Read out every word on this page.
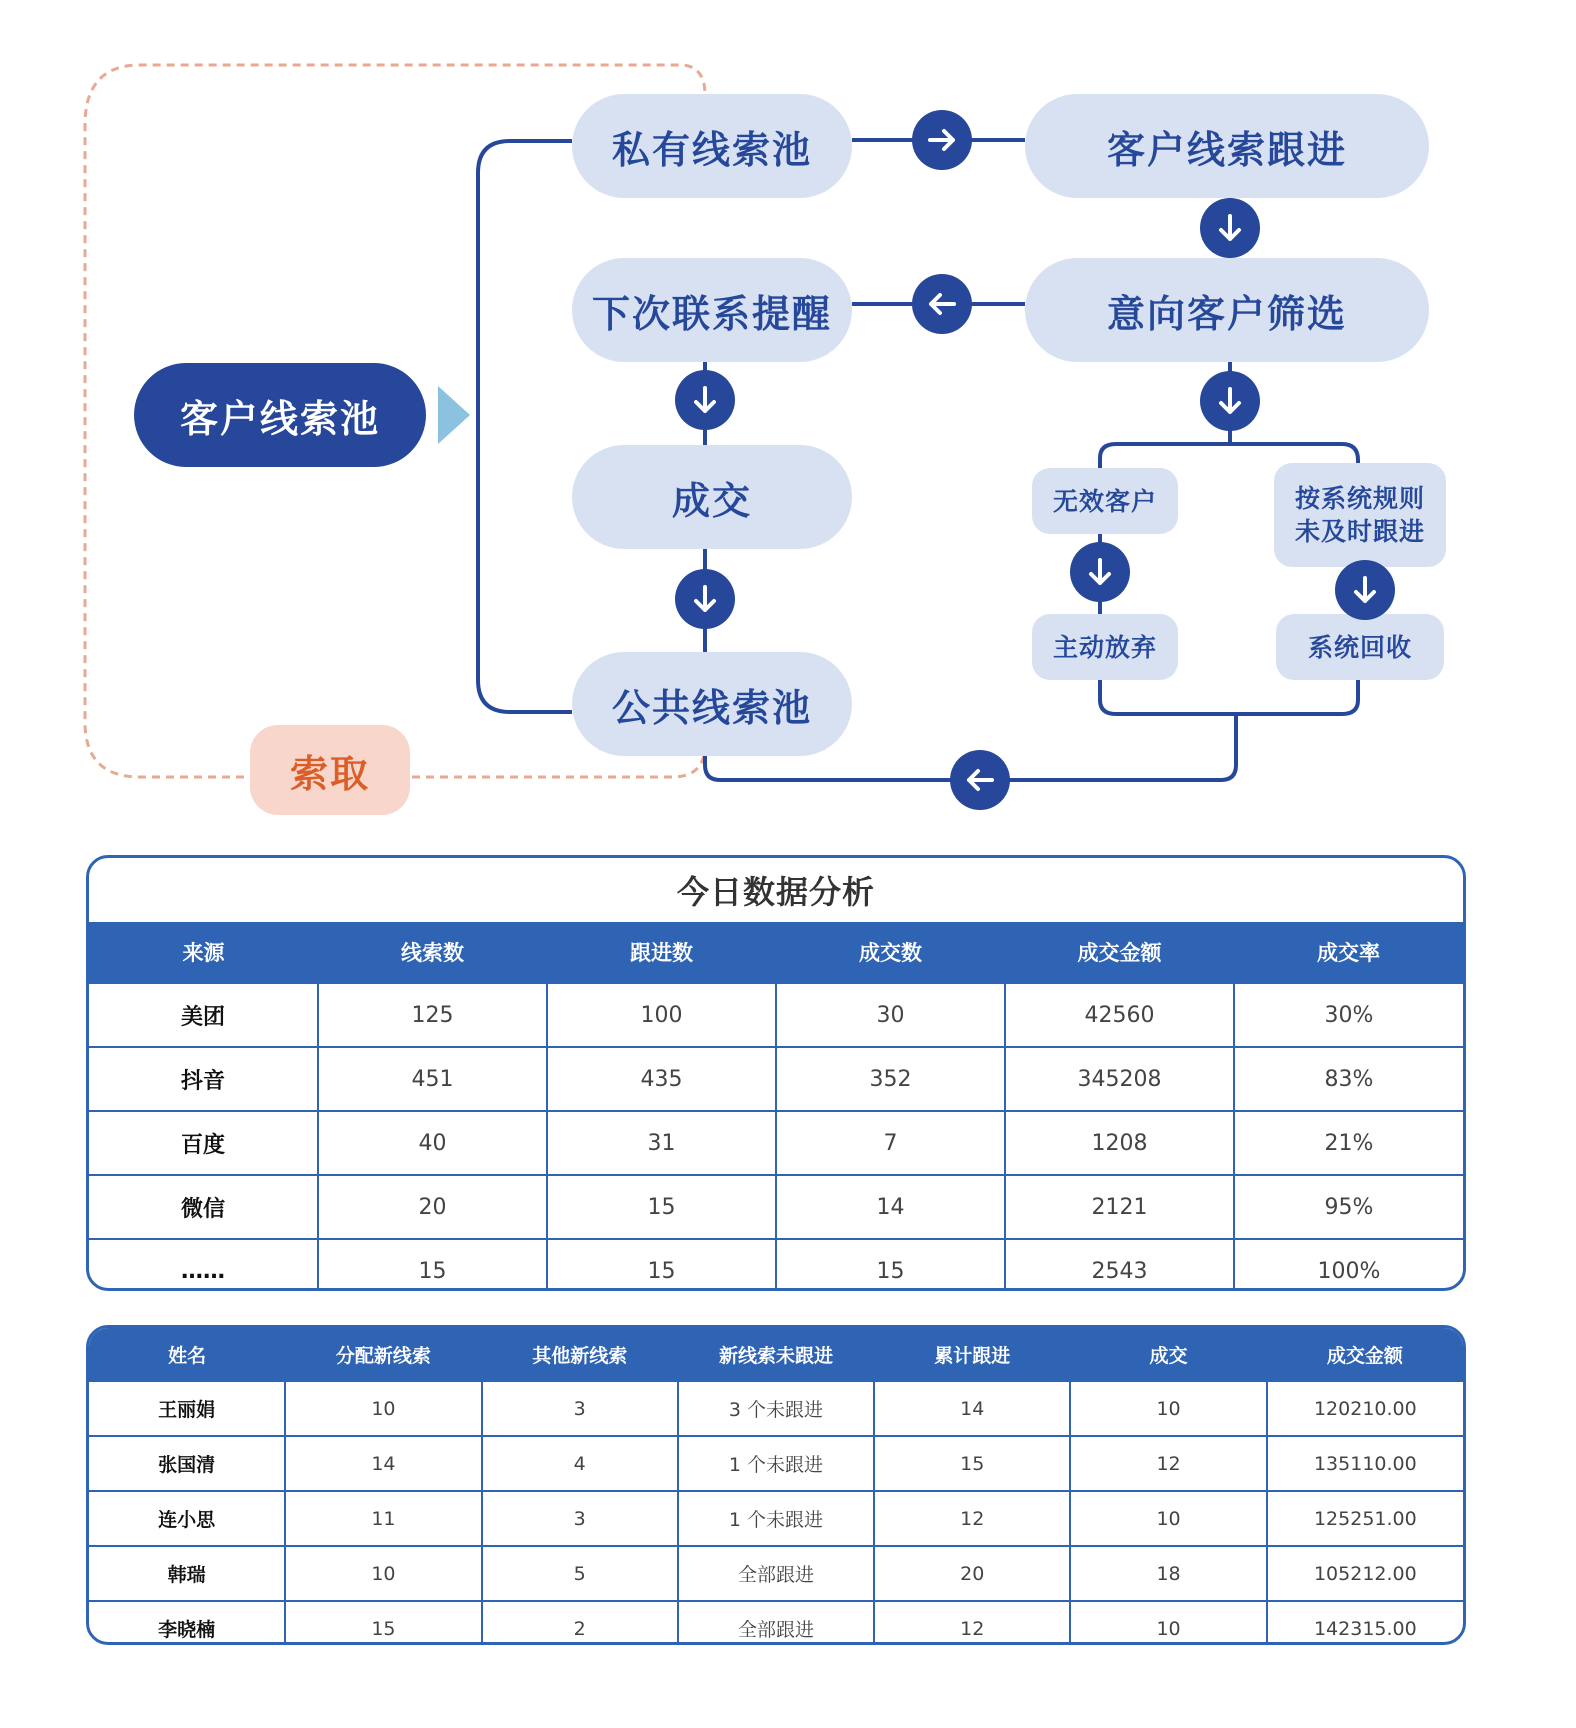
客户线索池
私有线索池	客户线索跟进
意向客户筛选
下次联系提醒
成交
公共线索池
无效客户	按系统规则
未及时跟进
主动放弃	系统回收
索取
今日数据分析
来源	线索数	跟进数	成交数	成交金额	成交率
美团	125	100	30	42560	30%
抖音	451	435	352	345208	83%
百度	40	31	7	1208	21%
微信	20	15	14	2121	95%
……	15	15	15	2543	100%
姓名	分配新线索	其他新线索	新线索未跟进	累计跟进	成交	成交金额
王丽娟	10	3	3 个未跟进	14	10	120210.00
张国清	14	4	1 个未跟进	15	12	135110.00
连小思	11	3	1 个未跟进	12	10	125251.00
韩瑞	10	5	全部跟进	20	18	105212.00
李晓楠	15	2	全部跟进	12	10	142315.00
